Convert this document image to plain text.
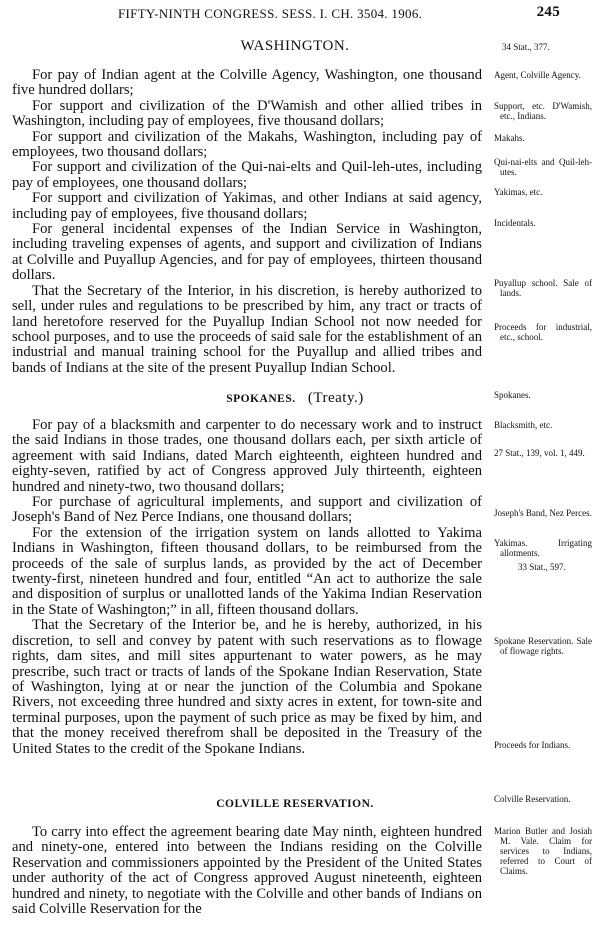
FIFTY-NINTH CONGRESS. SESS. I. CH. 3504. 1906.	245
WASHINGTON.	34 Stat., 377.

For pay of Indian agent at the Colville Agency, Washington, one thousand five hundred dollars;

For support and civilization of the D'Wamish and other allied tribes in Washington, including pay of employees, five thousand dollars;

For support and civilization of the Makahs, Washington, including pay of employees, two thousand dollars;

For support and civilization of the Qui-nai-elts and Quil-leh-utes, including pay of employees, one thousand dollars;

For support and civilization of Yakimas, and other Indians at said agency, including pay of employees, five thousand dollars;

For general incidental expenses of the Indian Service in Washington, including traveling expenses of agents, and support and civilization of Indians at Colville and Puyallup Agencies, and for pay of employees, thirteen thousand dollars.

That the Secretary of the Interior, in his discretion, is hereby authorized to sell, under rules and regulations to be prescribed by him, any tract or tracts of land heretofore reserved for the Puyallup Indian School not now needed for school purposes, and to use the proceeds of said sale for the establishment of an industrial and manual training school for the Puyallup and allied tribes and bands of Indians at the site of the present Puyallup Indian School.

Agent, Colville Agency.
Support, etc. D'Wamish, etc., Indians.
Makahs.
Qui-nai-elts and Quil-leh-utes.
Yakimas, etc.
Incidentals.
Puyallup school. Sale of lands.
Proceeds for industrial, etc., school.
SPOKANES. (Treaty.)	Spokanes.

For pay of a blacksmith and carpenter to do necessary work and to instruct the said Indians in those trades, one thousand dollars each, per sixth article of agreement with said Indians, dated March eighteenth, eighteen hundred and eighty-seven, ratified by act of Congress approved July thirteenth, eighteen hundred and ninety-two, two thousand dollars;

For purchase of agricultural implements, and support and civilization of Joseph's Band of Nez Perce Indians, one thousand dollars;

For the extension of the irrigation system on lands allotted to Yakima Indians in Washington, fifteen thousand dollars, to be reimbursed from the proceeds of the sale of surplus lands, as provided by the act of December twenty-first, nineteen hundred and four, entitled “An act to authorize the sale and disposition of surplus or unallotted lands of the Yakima Indian Reservation in the State of Washington;” in all, fifteen thousand dollars.

That the Secretary of the Interior be, and he is hereby, authorized, in his discretion, to sell and convey by patent with such reservations as to flowage rights, dam sites, and mill sites appurtenant to water powers, as he may prescribe, such tract or tracts of lands of the Spokane Indian Reservation, State of Washington, lying at or near the junction of the Columbia and Spokane Rivers, not exceeding three hundred and sixty acres in extent, for town-site and terminal purposes, upon the payment of such price as may be fixed by him, and that the money received therefrom shall be deposited in the Treasury of the United States to the credit of the Spokane Indians.

Blacksmith, etc.
27 Stat., 139, vol. 1, 449.
Joseph's Band, Nez Perces.
Yakimas. Irrigating allotments.
33 Stat., 597.
Spokane Reservation. Sale of flowage rights.
Proceeds for Indians.
COLVILLE RESERVATION.	Colville Reservation.

To carry into effect the agreement bearing date May ninth, eighteen hundred and ninety-one, entered into between the Indians residing on the Colville Reservation and commissioners appointed by the President of the United States under authority of the act of Congress approved August nineteenth, eighteen hundred and ninety, to negotiate with the Colville and other bands of Indians on said Colville Reservation for the

Marion Butler and Josiah M. Vale. Claim for services to Indians, referred to Court of Claims.
